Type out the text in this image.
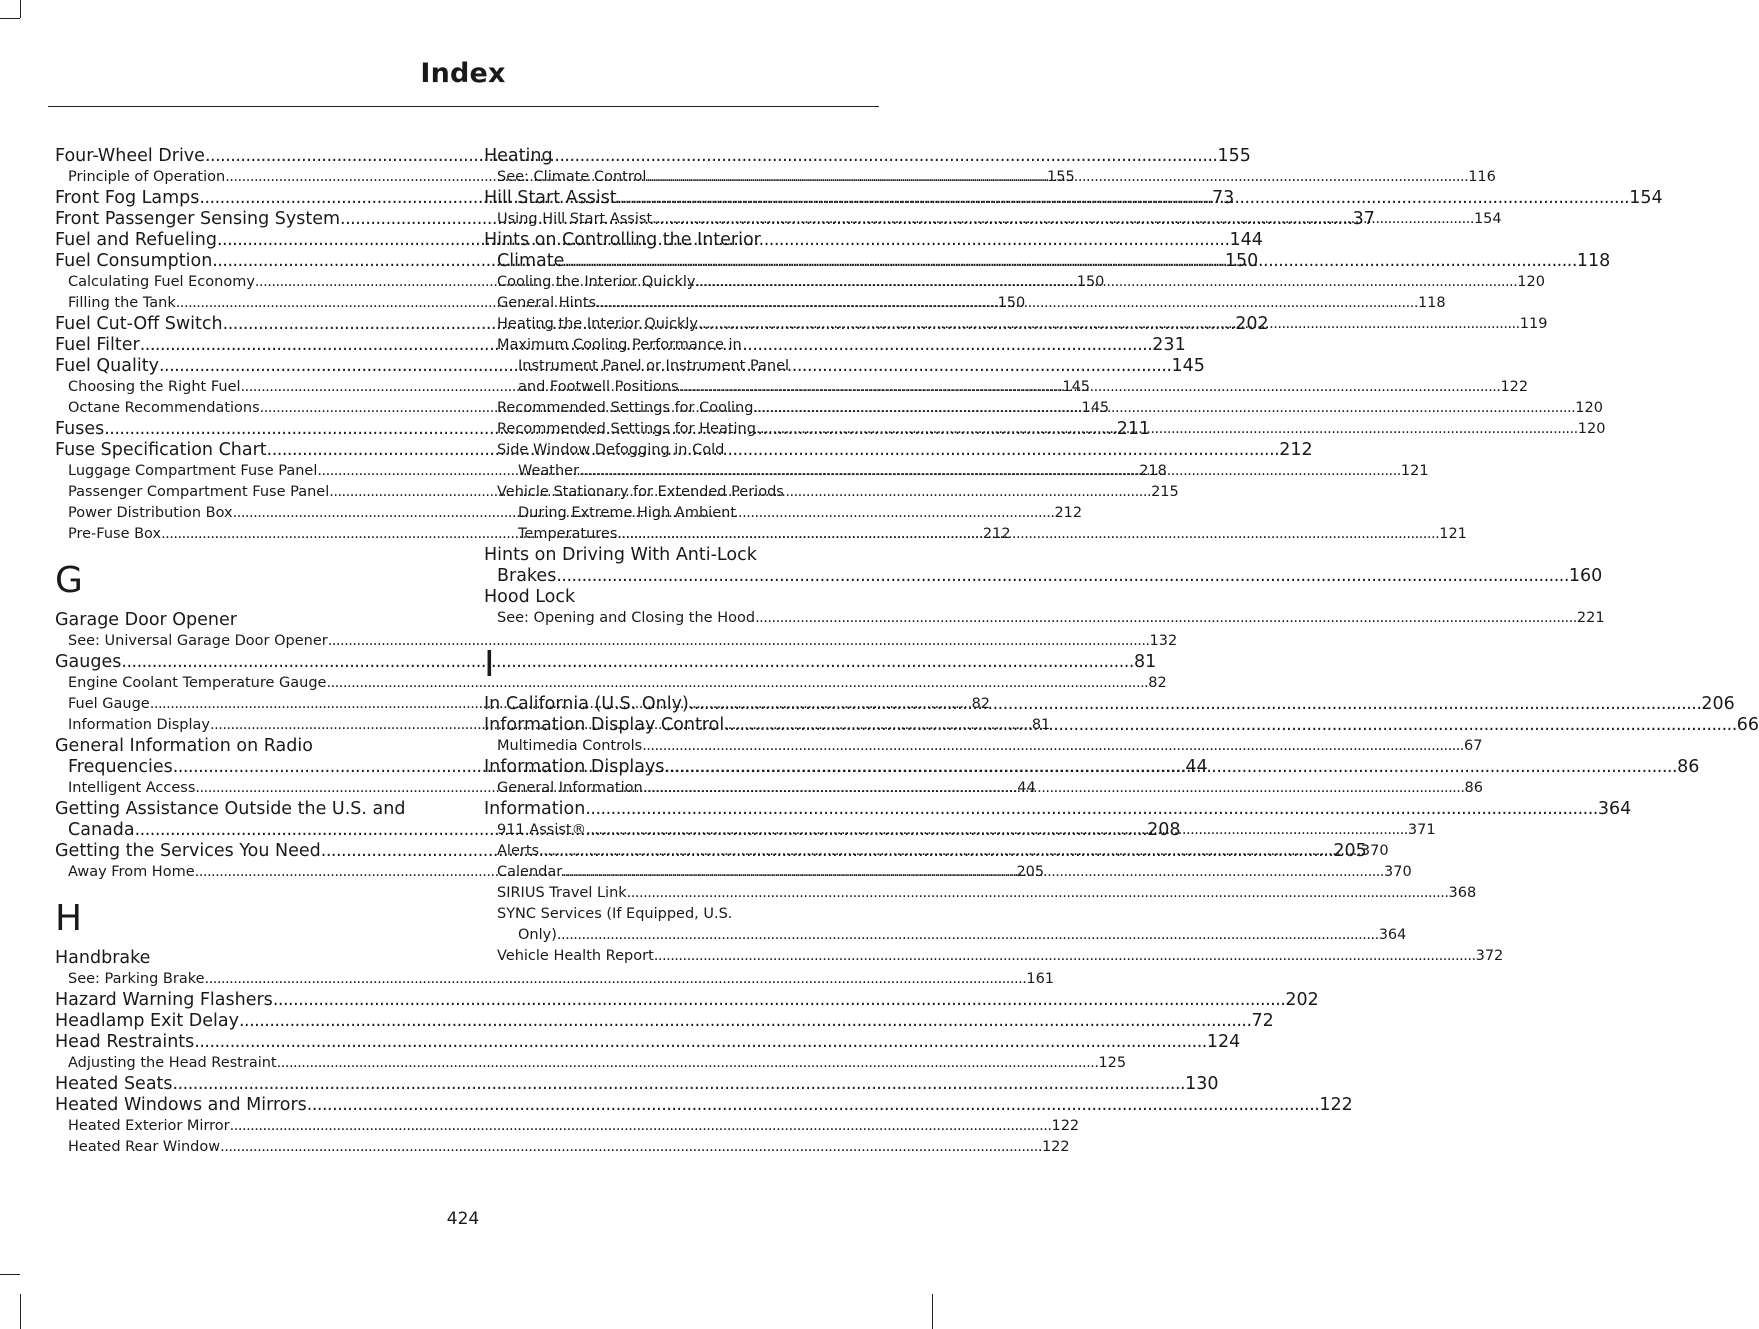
Index
Four-Wheel Drive .....	155
Principle of Operation .....	155
Front Fog Lamps .....	73
Front Passenger Sensing System .....	37
Fuel and Refueling .....	144
Fuel Consumption .....	150
Calculating Fuel Economy .....	150
Filling the Tank .....	150
Fuel Cut-Off Switch .....	202
Fuel Filter .....	231
Fuel Quality .....	145
Choosing the Right Fuel .....	145
Octane Recommendations .....	145
Fuses .....	211
Fuse Specification Chart .....	212
Luggage Compartment Fuse Panel .....	218
Passenger Compartment Fuse Panel .....	215
Power Distribution Box .....	212
Pre-Fuse Box .....	212
G
Garage Door Opener
See: Universal Garage Door Opener .....	132
Gauges .....	81
Engine Coolant Temperature Gauge .....	82
Fuel Gauge .....	82
Information Display .....	81
General Information on Radio
Frequencies .....	44
Intelligent Access .....	44
Getting Assistance Outside the U.S. and
Canada .....	208
Getting the Services You Need .....	205
Away From Home .....	205
H
Handbrake
See: Parking Brake .....	161
Hazard Warning Flashers .....	202
Headlamp Exit Delay .....	72
Head Restraints .....	124
Adjusting the Head Restraint .....	125
Heated Seats .....	130
Heated Windows and Mirrors .....	122
Heated Exterior Mirror .....	122
Heated Rear Window .....	122
Heating
See: Climate Control .....	116
Hill Start Assist .....	154
Using Hill Start Assist .....	154
Hints on Controlling the Interior
Climate .....	118
Cooling the Interior Quickly .....	120
General Hints .....	118
Heating the Interior Quickly .....	119
Maximum Cooling Performance in
Instrument Panel or Instrument Panel
and Footwell Positions .....	122
Recommended Settings for Cooling .....	120
Recommended Settings for Heating .....	120
Side Window Defogging in Cold
Weather .....	121
Vehicle Stationary for Extended Periods
During Extreme High Ambient
Temperatures .....	121
Hints on Driving With Anti-Lock
Brakes .....	160
Hood Lock
See: Opening and Closing the Hood .....	221
I
In California (U.S. Only) .....	206
Information Display Control .....	66
Multimedia Controls .....	67
Information Displays .....	86
General Information .....	86
Information .....	364
911 Assist® .....	371
Alerts .....	370
Calendar .....	370
SIRIUS Travel Link .....	368
SYNC Services (If Equipped, U.S.
Only) .....	364
Vehicle Health Report .....	372
424
